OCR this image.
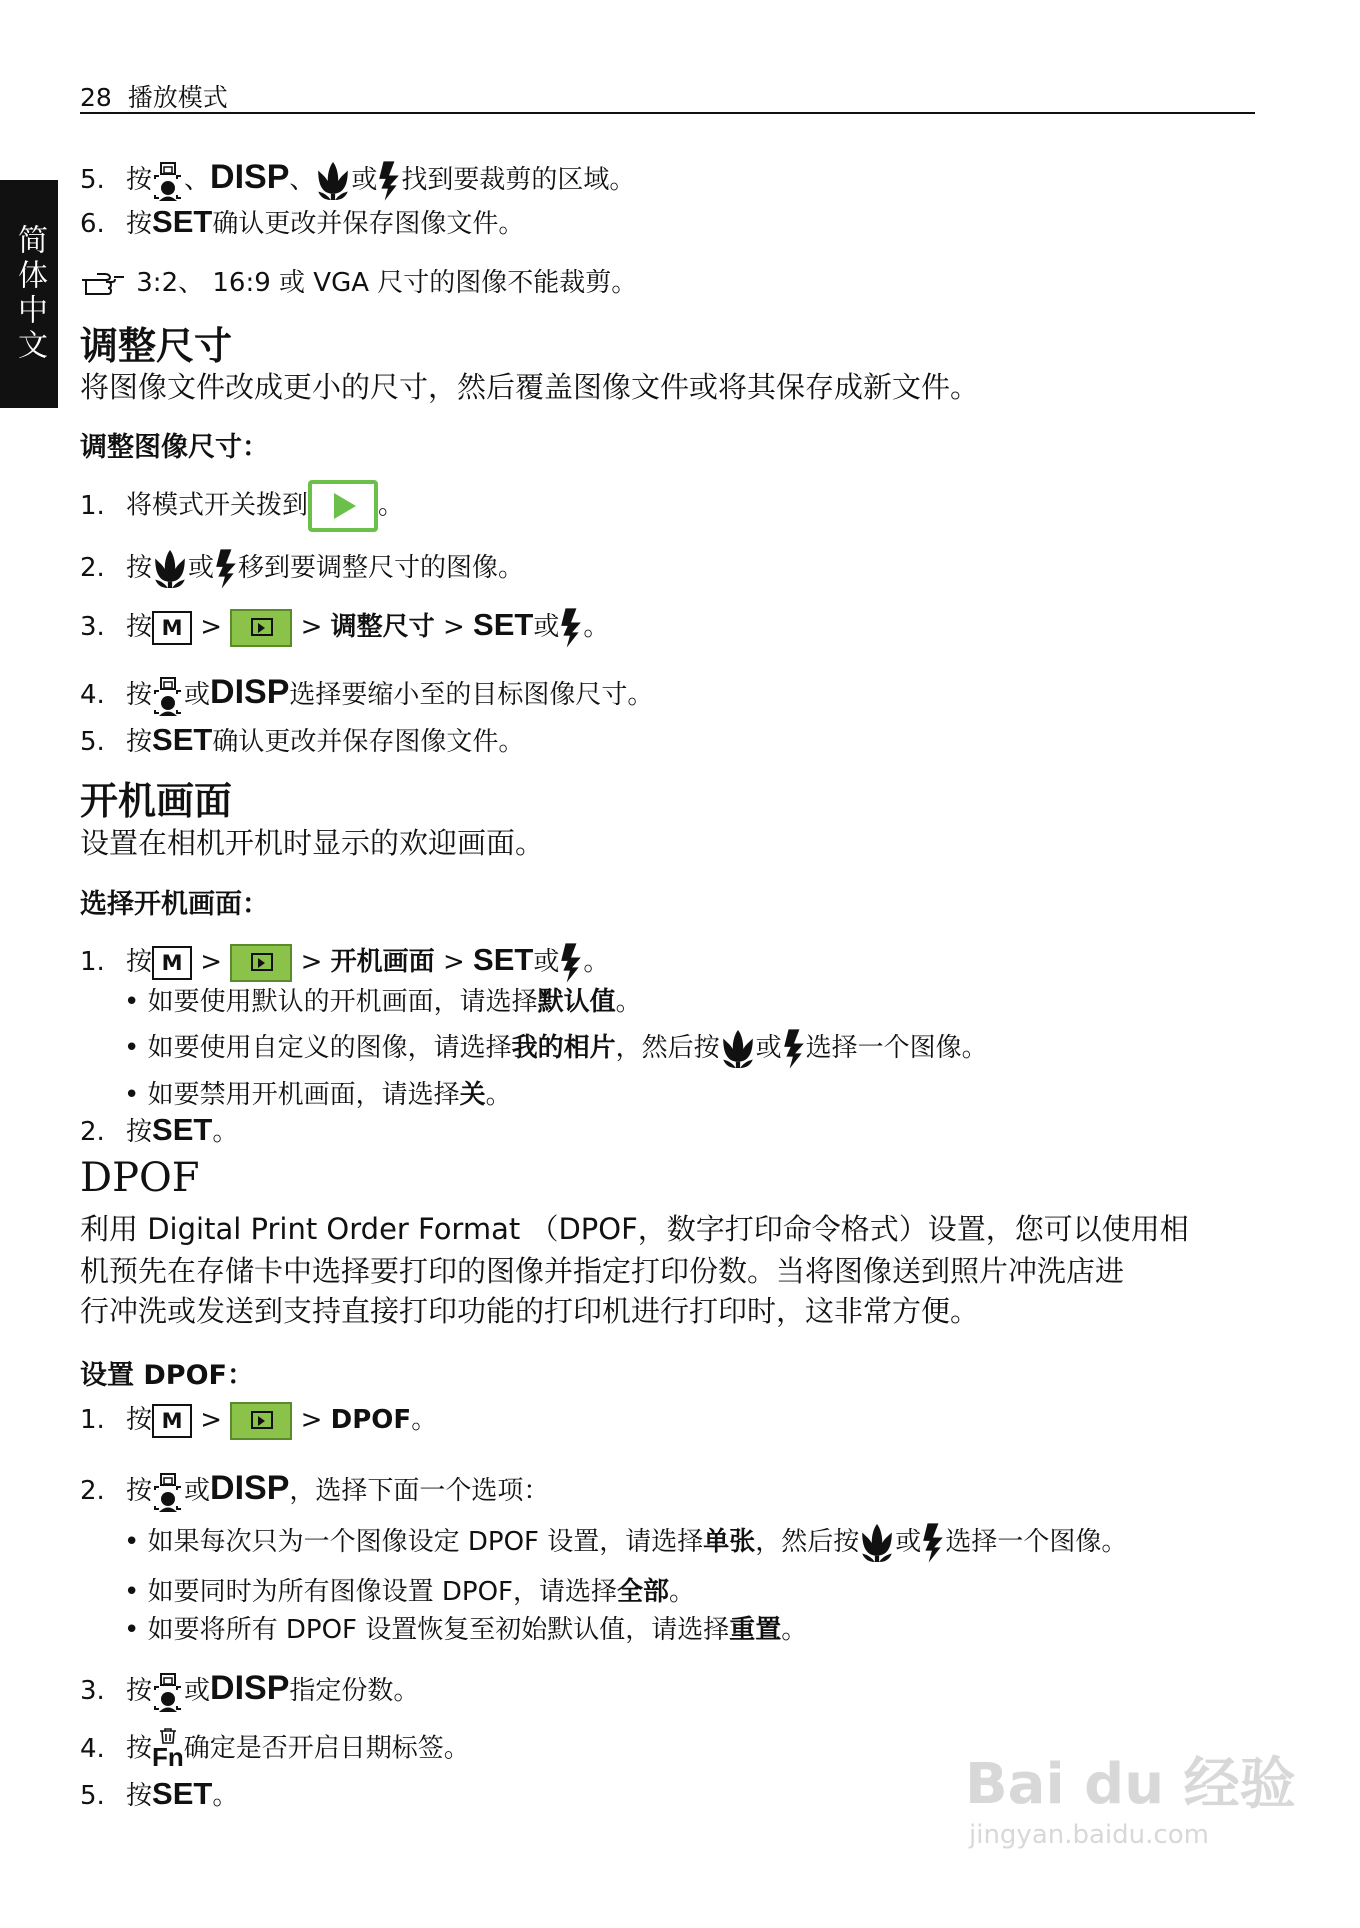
28 播放模式
简体中文
5. 按 、DISP、 或 找到要裁剪的区域。
6. 按SET确认更改并保存图像文件。
3:2、 16:9 或 VGA 尺寸的图像不能裁剪。
调整尺寸
将图像文件改成更小的尺寸，然后覆盖图像文件或将其保存成新文件。
调整图像尺寸：
1. 将模式开关拨到	。
2. 按 或 移到要调整尺寸的图像。
3. 按 M >	> 调整尺寸 > SET或 。
4. 按 或DISP选择要缩小至的目标图像尺寸。
5. 按SET确认更改并保存图像文件。
开机画面
设置在相机开机时显示的欢迎画面。
选择开机画面：
1. 按 M >	> 开机画面 > SET或 。
• 如要使用默认的开机画面，请选择默认值。
• 如要使用自定义的图像，请选择我的相片，然后按 或 选择一个图像。
• 如要禁用开机画面，请选择关。
2. 按SET。
DPOF
利用 Digital Print Order Format （DPOF，数字打印命令格式）设置，您可以使用相
机预先在存储卡中选择要打印的图像并指定打印份数。当将图像送到照片冲洗店进
行冲洗或发送到支持直接打印功能的打印机进行打印时，这非常方便。
设置 DPOF：
1. 按 M >	> DPOF。
2. 按 或DISP，选择下面一个选项：
• 如果每次只为一个图像设定 DPOF 设置，请选择单张，然后按 或 选择一个图像。
• 如要同时为所有图像设置 DPOF，请选择全部。
• 如要将所有 DPOF 设置恢复至初始默认值，请选择重置。
3. 按 或DISP指定份数。
4. 按
Fn确定是否开启日期标签。
5. 按SET。	Bai du 经验
jingyan.baidu.com
